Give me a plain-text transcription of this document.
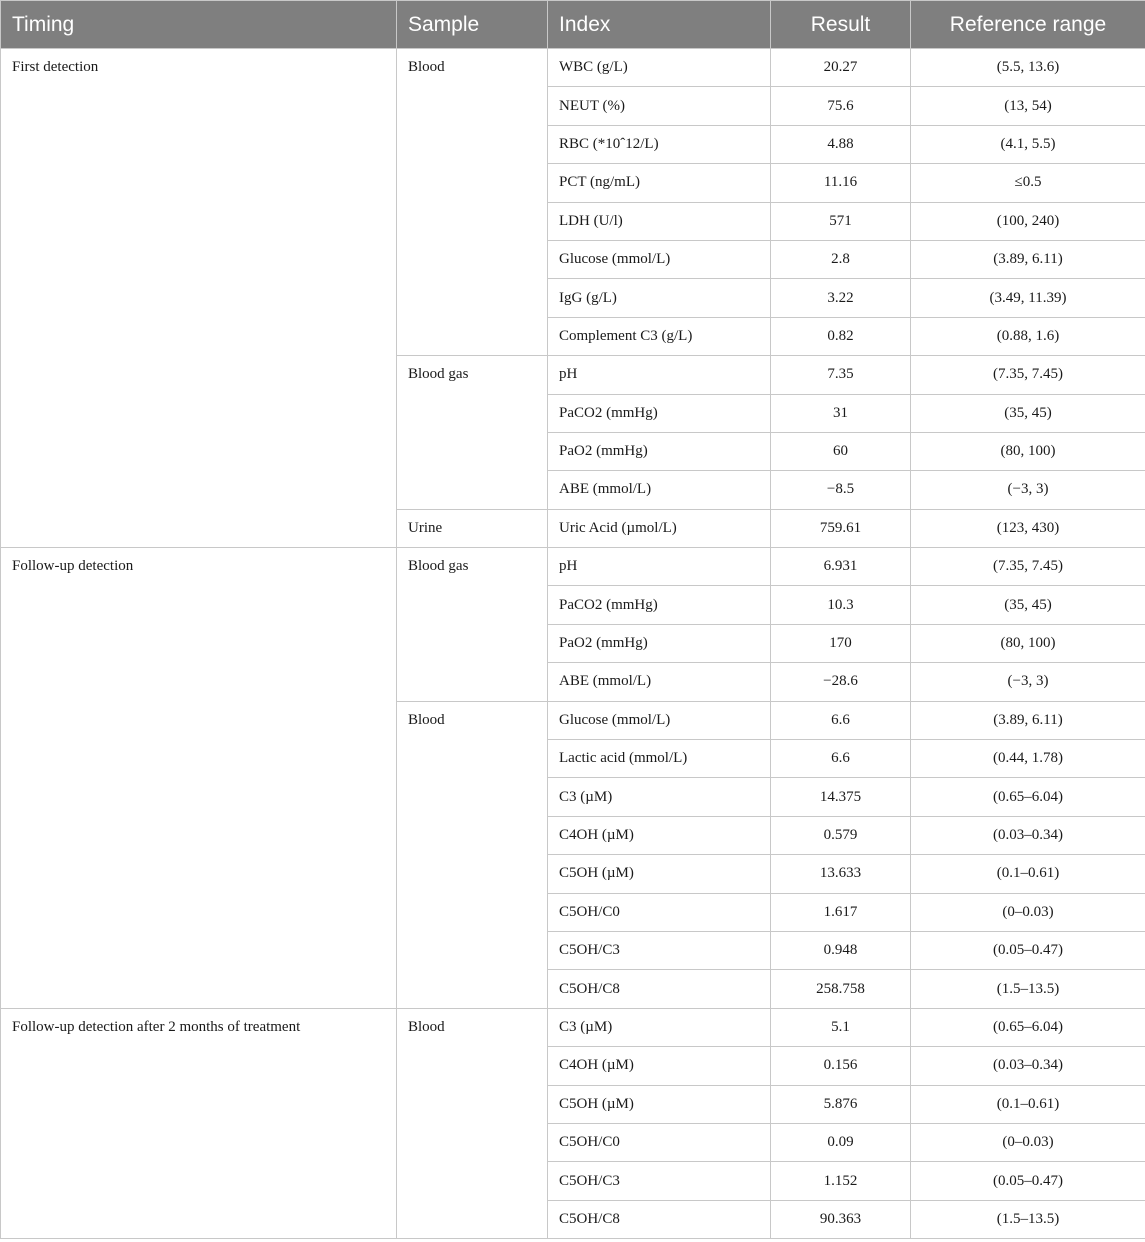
Timing	Sample	Index	Result	Reference range
First detection	Blood	WBC (g/L)	20.27	(5.5, 13.6)
		NEUT (%)	75.6	(13, 54)
		RBC (*10ˆ12/L)	4.88	(4.1, 5.5)
		PCT (ng/mL)	11.16	≤0.5
		LDH (U/l)	571	(100, 240)
		Glucose (mmol/L)	2.8	(3.89, 6.11)
		IgG (g/L)	3.22	(3.49, 11.39)
		Complement C3 (g/L)	0.82	(0.88, 1.6)
	Blood gas	pH	7.35	(7.35, 7.45)
		PaCO2 (mmHg)	31	(35, 45)
		PaO2 (mmHg)	60	(80, 100)
		ABE (mmol/L)	−8.5	(−3, 3)
	Urine	Uric Acid (µmol/L)	759.61	(123, 430)
Follow-up detection	Blood gas	pH	6.931	(7.35, 7.45)
		PaCO2 (mmHg)	10.3	(35, 45)
		PaO2 (mmHg)	170	(80, 100)
		ABE (mmol/L)	−28.6	(−3, 3)
	Blood	Glucose (mmol/L)	6.6	(3.89, 6.11)
		Lactic acid (mmol/L)	6.6	(0.44, 1.78)
		C3 (µM)	14.375	(0.65–6.04)
		C4OH (µM)	0.579	(0.03–0.34)
		C5OH (µM)	13.633	(0.1–0.61)
		C5OH/C0	1.617	(0–0.03)
		C5OH/C3	0.948	(0.05–0.47)
		C5OH/C8	258.758	(1.5–13.5)
Follow-up detection after 2 months of treatment	Blood	C3 (µM)	5.1	(0.65–6.04)
		C4OH (µM)	0.156	(0.03–0.34)
		C5OH (µM)	5.876	(0.1–0.61)
		C5OH/C0	0.09	(0–0.03)
		C5OH/C3	1.152	(0.05–0.47)
		C5OH/C8	90.363	(1.5–13.5)
